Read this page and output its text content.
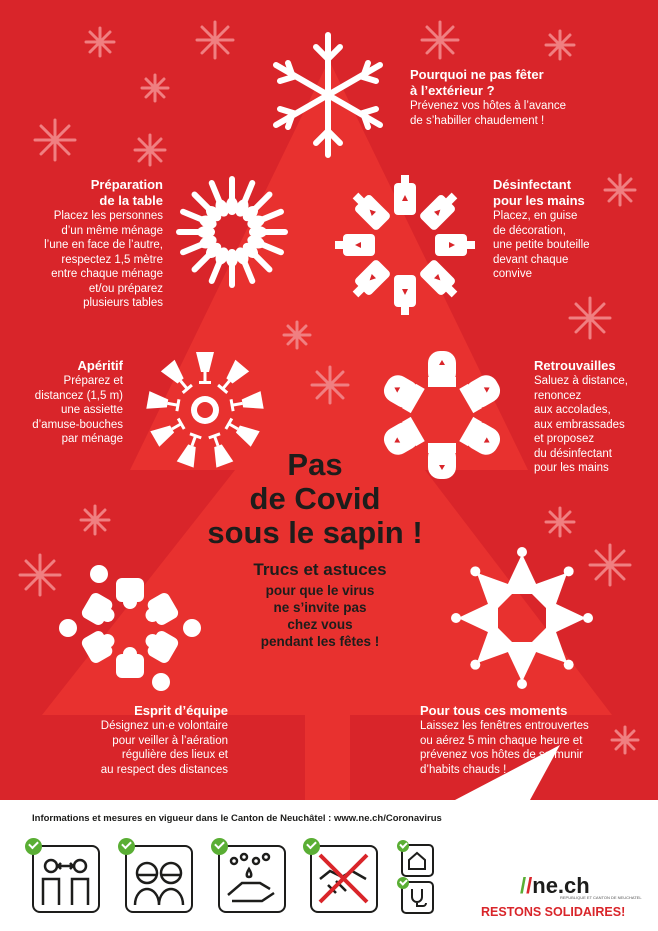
Pourquoi ne pas fêter
à l’extérieur ?

Prévenez vos hôtes à l’avance
de s’habiller chaudement !

Préparation
de la table

Placez les personnes
d’un même ménage
l’une en face de l’autre,
respectez 1,5 mètre
entre chaque ménage
et/ou préparez
plusieurs tables

Désinfectant
pour les mains

Placez, en guise
de décoration,
une petite bouteille
devant chaque
convive

Apéritif

Préparez et
distancez (1,5 m)
une assiette
d’amuse-bouches
par ménage

Retrouvailles

Saluez à distance,
renoncez
aux accolades,
aux embrassades
et proposez
du désinfectant
pour les mains

Esprit d’équipe

Désignez un·e volontaire
pour veiller à l’aération
régulière des lieux et
au respect des distances

Pour tous ces moments

Laissez les fenêtres entrouvertes
ou aérez 5 min chaque heure et
prévenez vos hôtes de se munir
d’habits chauds !

Pas
de Covid
sous le sapin !
Trucs et astuces
pour que le virus
ne s’invite pas
chez vous
pendant les fêtes !
Informations et mesures en vigueur dans le Canton de Neuchâtel : www.ne.ch/Coronavirus
//ne.ch
REPUBLIQUE ET CANTON DE NEUCHATEL
RESTONS SOLIDAIRES!
